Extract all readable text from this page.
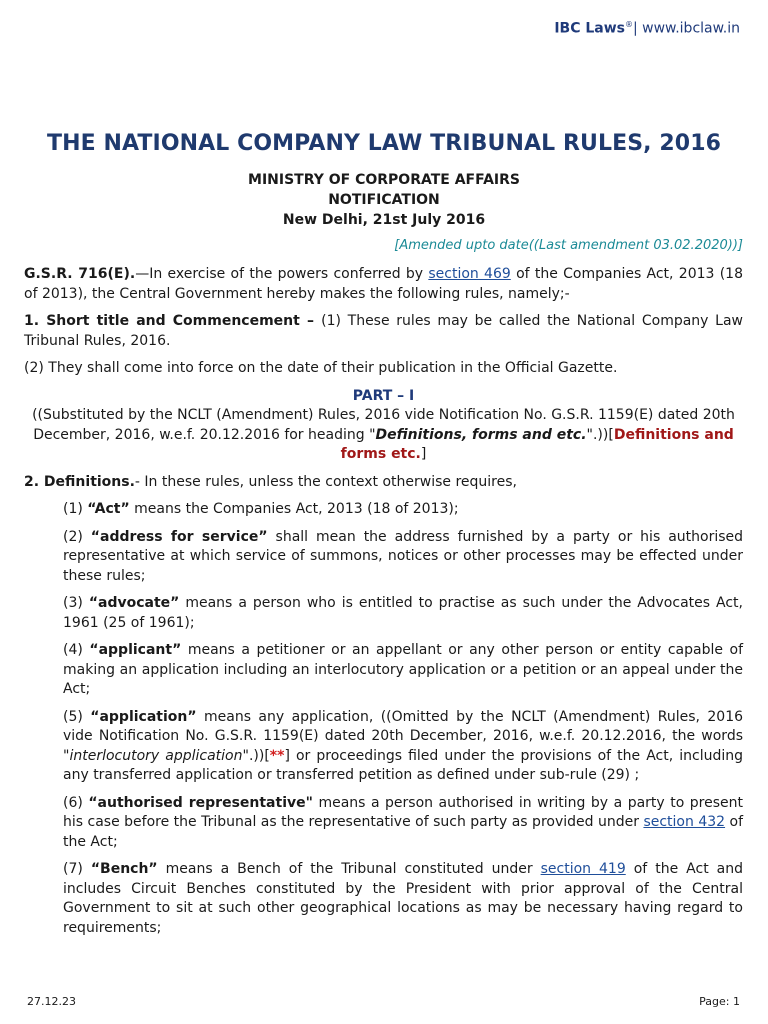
IBC Laws®| www.ibclaw.in
THE NATIONAL COMPANY LAW TRIBUNAL RULES, 2016
MINISTRY OF CORPORATE AFFAIRS
NOTIFICATION
New Delhi, 21st July 2016
[Amended upto date((Last amendment 03.02.2020))]

G.S.R. 716(E).—In exercise of the powers conferred by section 469 of the Companies Act, 2013 (18 of 2013), the Central Government hereby makes the following rules, namely;-

1. Short title and Commencement – (1) These rules may be called the National Company Law Tribunal Rules, 2016.

(2) They shall come into force on the date of their publication in the Official Gazette.

PART – I

((Substituted by the NCLT (Amendment) Rules, 2016 vide Notification No. G.S.R. 1159(E) dated 20th December, 2016, w.e.f. 20.12.2016 for heading "Definitions, forms and etc.".))[Definitions and forms etc.]

2. Definitions.- In these rules, unless the context otherwise requires,

(1) “Act” means the Companies Act, 2013 (18 of 2013);

(2) “address for service” shall mean the address furnished by a party or his authorised representative at which service of summons, notices or other processes may be effected under these rules;

(3) “advocate” means a person who is entitled to practise as such under the Advocates Act, 1961 (25 of 1961);

(4) “applicant” means a petitioner or an appellant or any other person or entity capable of making an application including an interlocutory application or a petition or an appeal under the Act;

(5) “application” means any application, ((Omitted by the NCLT (Amendment) Rules, 2016 vide Notification No. G.S.R. 1159(E) dated 20th December, 2016, w.e.f. 20.12.2016, the words "interlocutory application".))[**] or proceedings filed under the provisions of the Act, including any transferred application or transferred petition as defined under sub-rule (29) ;

(6) “authorised representative" means a person authorised in writing by a party to present his case before the Tribunal as the representative of such party as provided under section 432 of the Act;

(7) “Bench” means a Bench of the Tribunal constituted under section 419 of the Act and includes Circuit Benches constituted by the President with prior approval of the Central Government to sit at such other geographical locations as may be necessary having regard to requirements;

27.12.23	Page: 1
